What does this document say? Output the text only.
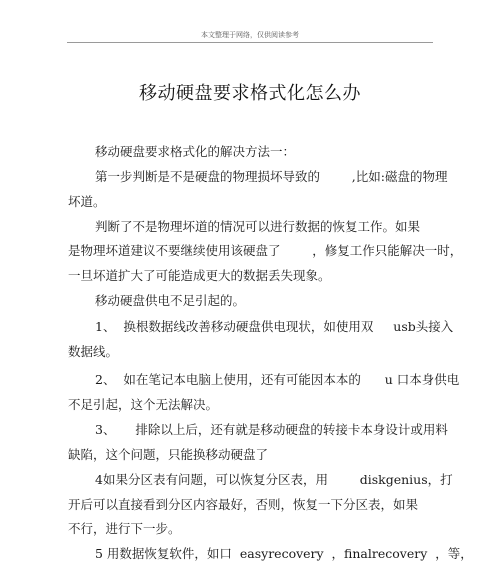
本文整理于网络，仅供阅读参考
移动硬盘要求格式化怎么办
移动硬盘要求格式化的解决方法一：
第一步判断是不是硬盘的物理损坏导致的        ,比如:磁盘的物理
坏道。
判断了不是物理坏道的情况可以进行数据的恢复工作。如果
是物理坏道建议不要继续使用该硬盘了        ，修复工作只能解决一时，
一旦坏道扩大了可能造成更大的数据丢失现象。
移动硬盘供电不足引起的。
1、  换根数据线改善移动硬盘供电现状，如使用双     usb头接入
数据线。
2、  如在笔记本电脑上使用，还有可能因本本的      u 口本身供电
不足引起，这个无法解决。
3、     排除以上后，还有就是移动硬盘的转接卡本身设计或用料
缺陷，这个问题，只能换移动硬盘了
4如果分区表有问题，可以恢复分区表，用        diskgenius，打
开后可以直接看到分区内容最好，否则，恢复一下分区表，如果
不行，进行下一步。
5 用数据恢复软件，如口  easyrecovery  ，finalrecovery  ，等，
